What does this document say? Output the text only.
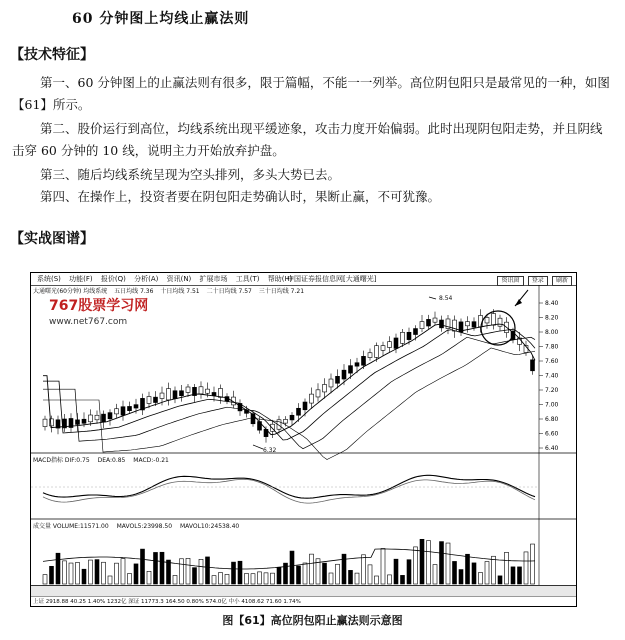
60 分钟图上均线止赢法则
【技术特征】
第一、60 分钟图上的止赢法则有很多，限于篇幅，不能一一列举。高位阴包阳只是最常见的一种，如图【61】所示。
第二、股价运行到高位，均线系统出现平缓迹象，攻击力度开始偏弱。此时出现阴包阳走势，并且阴线击穿 60 分钟的 10 线，说明主力开始放弃护盘。
第三、随后均线系统呈现为空头排列，多头大势已去。
第四、在操作上，投资者要在阴包阳走势确认时，果断止赢，不可犹豫。
【实战图谱】
系统(S) 功能(F) 报价(Q) 分析(A) 资讯(N) 扩展市场 工具(T) 帮助(H)
中国证券报信息网[大通曙光]	资讯窗 登录 刷新
大通曙光(60分钟) 均线系统 五日均线 7.36 十日均线 7.51 二十日均线 7.57 三十日均线 7.21
767股票学习网
www.net767.com
8.40
8.20
8.00
7.80
7.60
7.40
7.20
7.00
6.80
6.60
6.40
8.54
6.32
MACD指标 DIF:0.75 DEA:0.85 MACD:-0.21
成交量 VOLUME:11571.00 MAVOL5:23998.50 MAVOL10:24538.40
上证 2918.88 40.25 1.40% 1232亿 深证 11773.3 164.50 0.80% 574.0亿 中小 4108.62 71.60 1.74%
图【61】高位阴包阳止赢法则示意图
